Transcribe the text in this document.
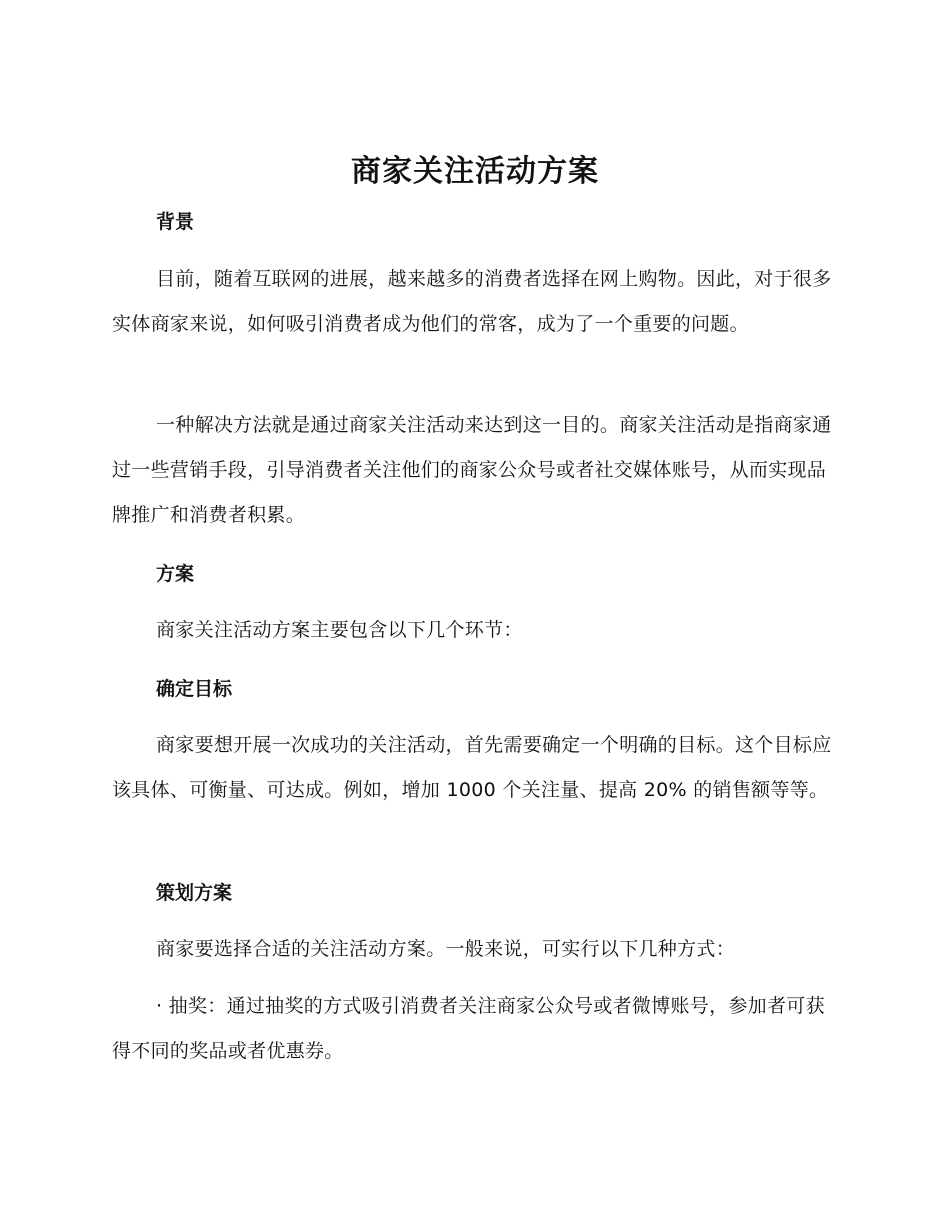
商家关注活动方案
背景

目前，随着互联网的进展，越来越多的消费者选择在网上购物。因此，对于很多实体商家来说，如何吸引消费者成为他们的常客，成为了一个重要的问题。

一种解决方法就是通过商家关注活动来达到这一目的。商家关注活动是指商家通过一些营销手段，引导消费者关注他们的商家公众号或者社交媒体账号，从而实现品牌推广和消费者积累。

方案

商家关注活动方案主要包含以下几个环节：

确定目标

商家要想开展一次成功的关注活动，首先需要确定一个明确的目标。这个目标应该具体、可衡量、可达成。例如，增加 1000 个关注量、提高 20% 的销售额等等。

策划方案

商家要选择合适的关注活动方案。一般来说，可实行以下几种方式：

· 抽奖：通过抽奖的方式吸引消费者关注商家公众号或者微博账号，参加者可获得不同的奖品或者优惠券。
